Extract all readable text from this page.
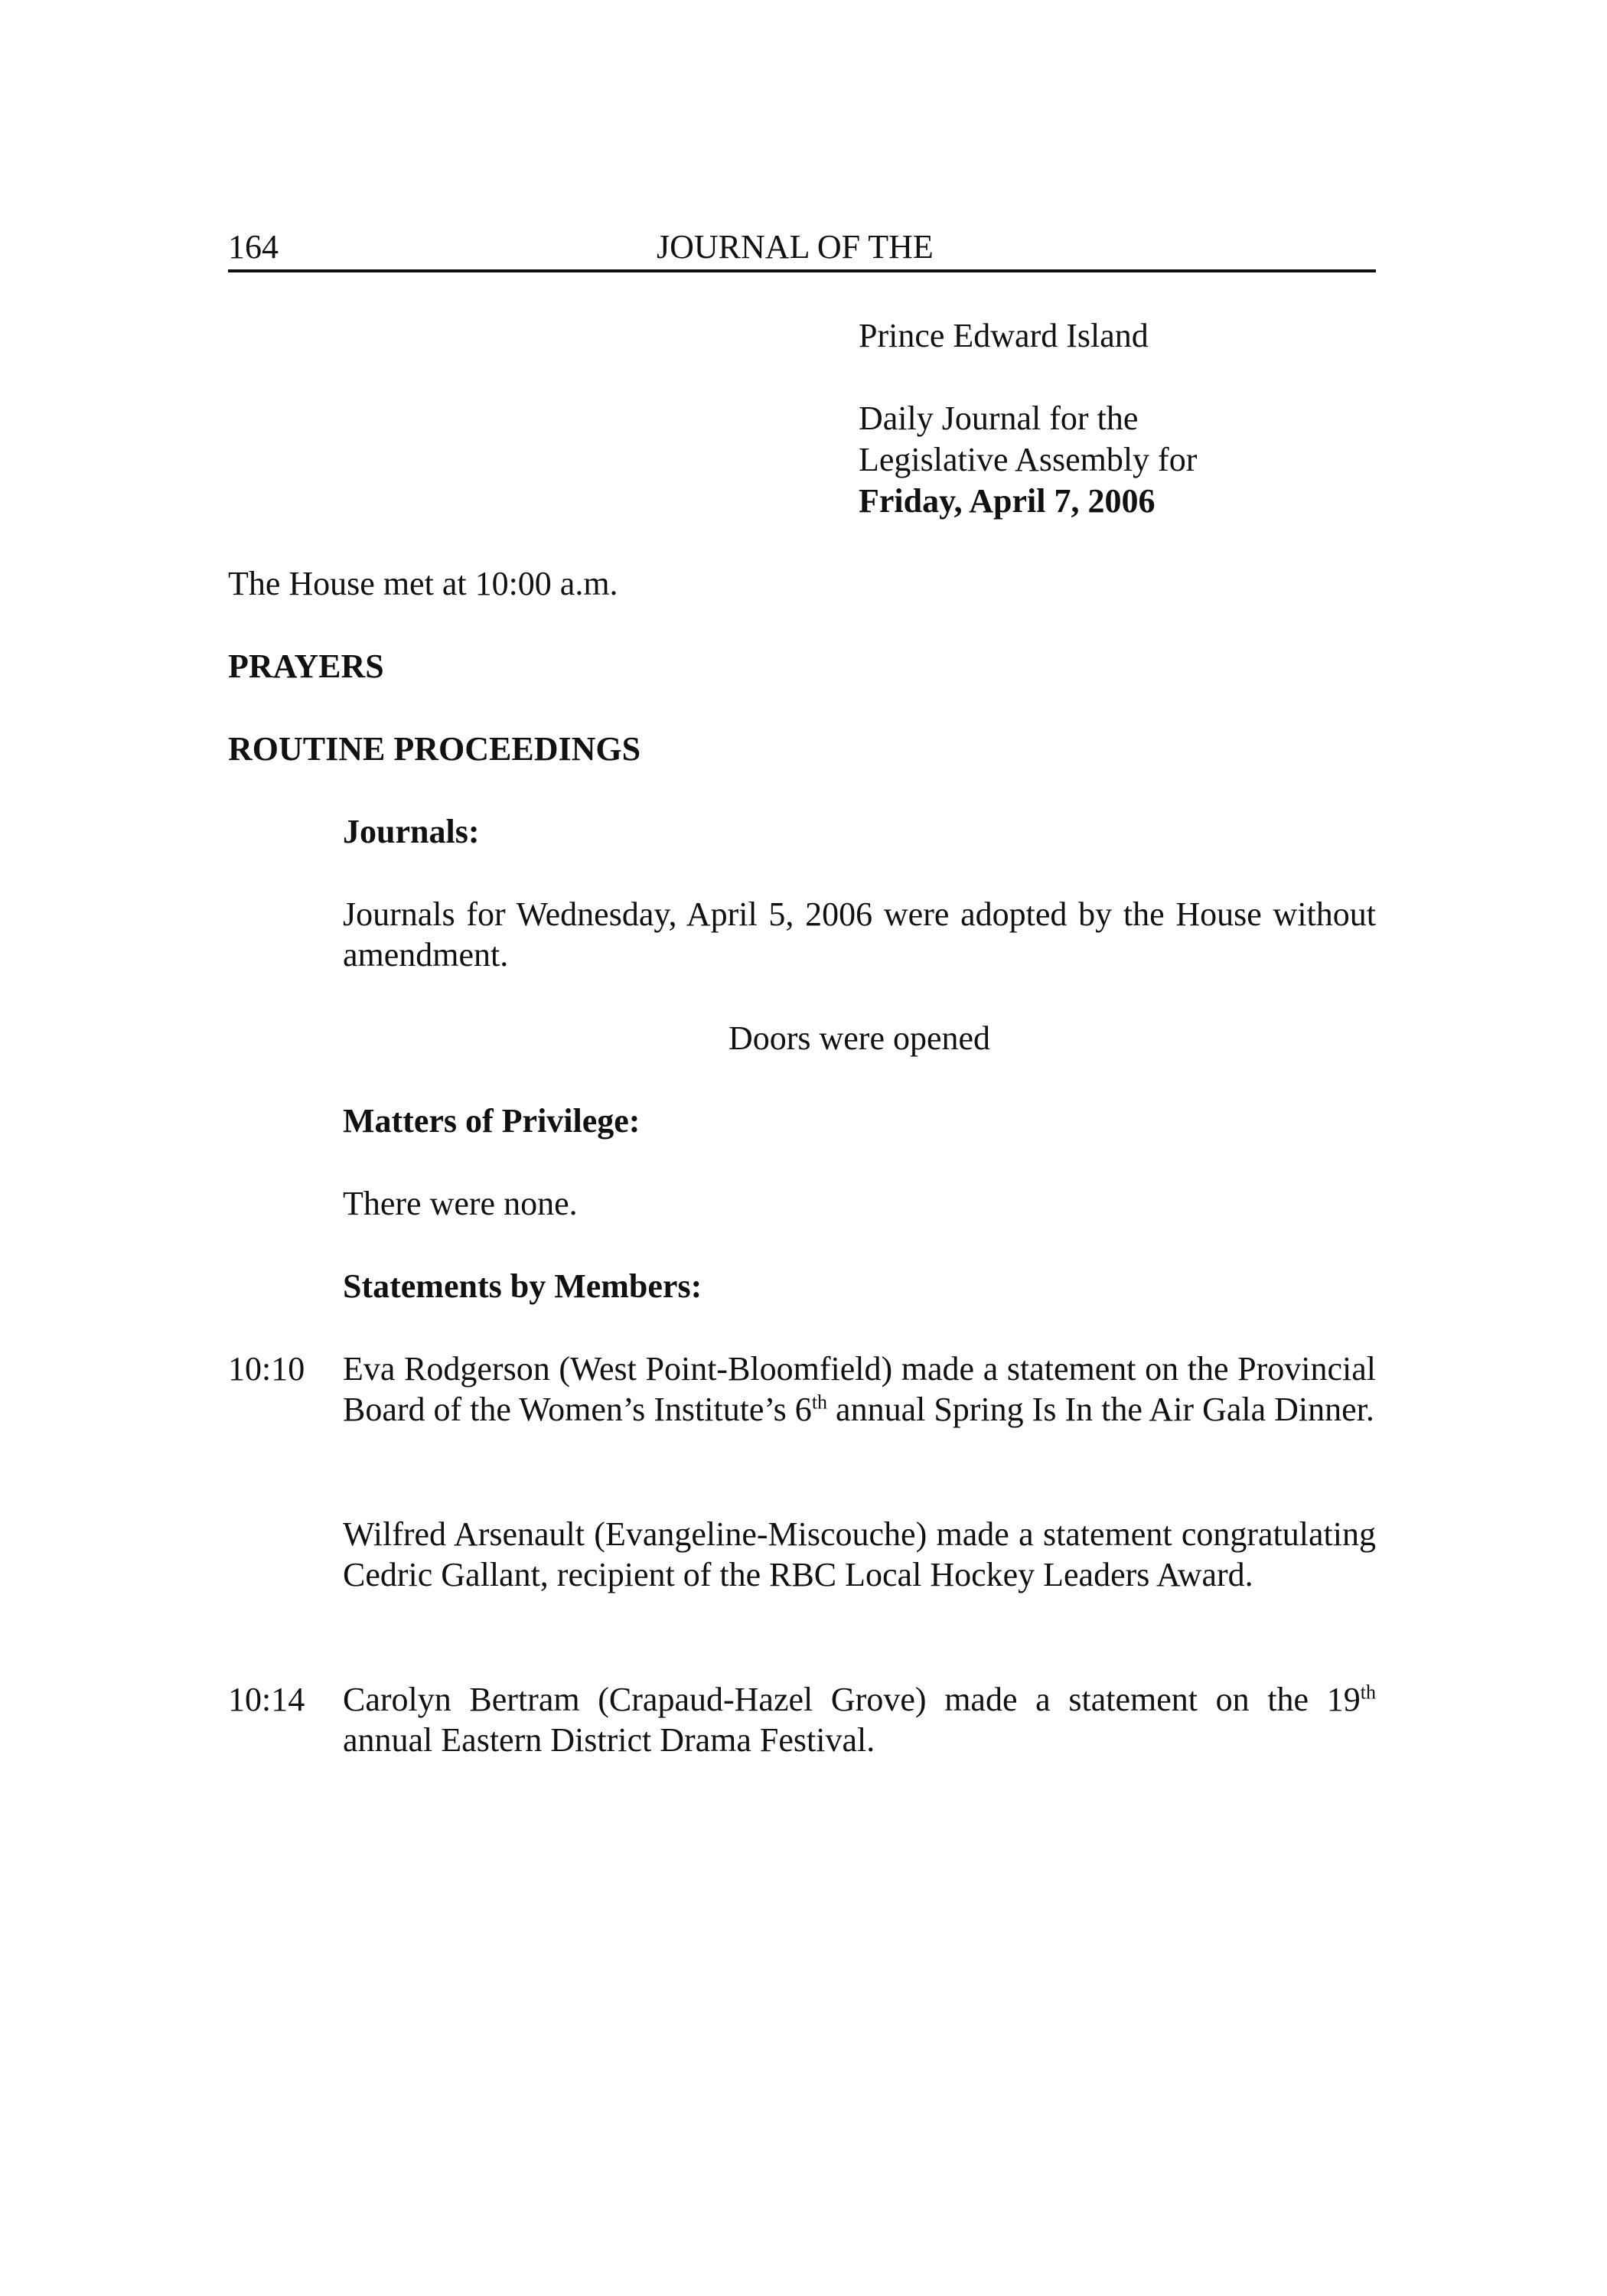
164	JOURNAL OF THE
Prince Edward Island
Daily Journal for the
Legislative Assembly for
Friday, April 7, 2006
The House met at 10:00 a.m.
PRAYERS
ROUTINE PROCEEDINGS
Journals:
Journals for Wednesday, April 5, 2006 were adopted by the House without amendment.
Doors were opened
Matters of Privilege:
There were none.
Statements by Members:
10:10 Eva Rodgerson (West Point-Bloomfield) made a statement on the Provincial Board of the Women’s Institute’s 6th annual Spring Is In the Air Gala Dinner.
Wilfred Arsenault (Evangeline-Miscouche) made a statement congratulating Cedric Gallant, recipient of the RBC Local Hockey Leaders Award.
10:14 Carolyn Bertram (Crapaud-Hazel Grove) made a statement on the 19th annual Eastern District Drama Festival.
